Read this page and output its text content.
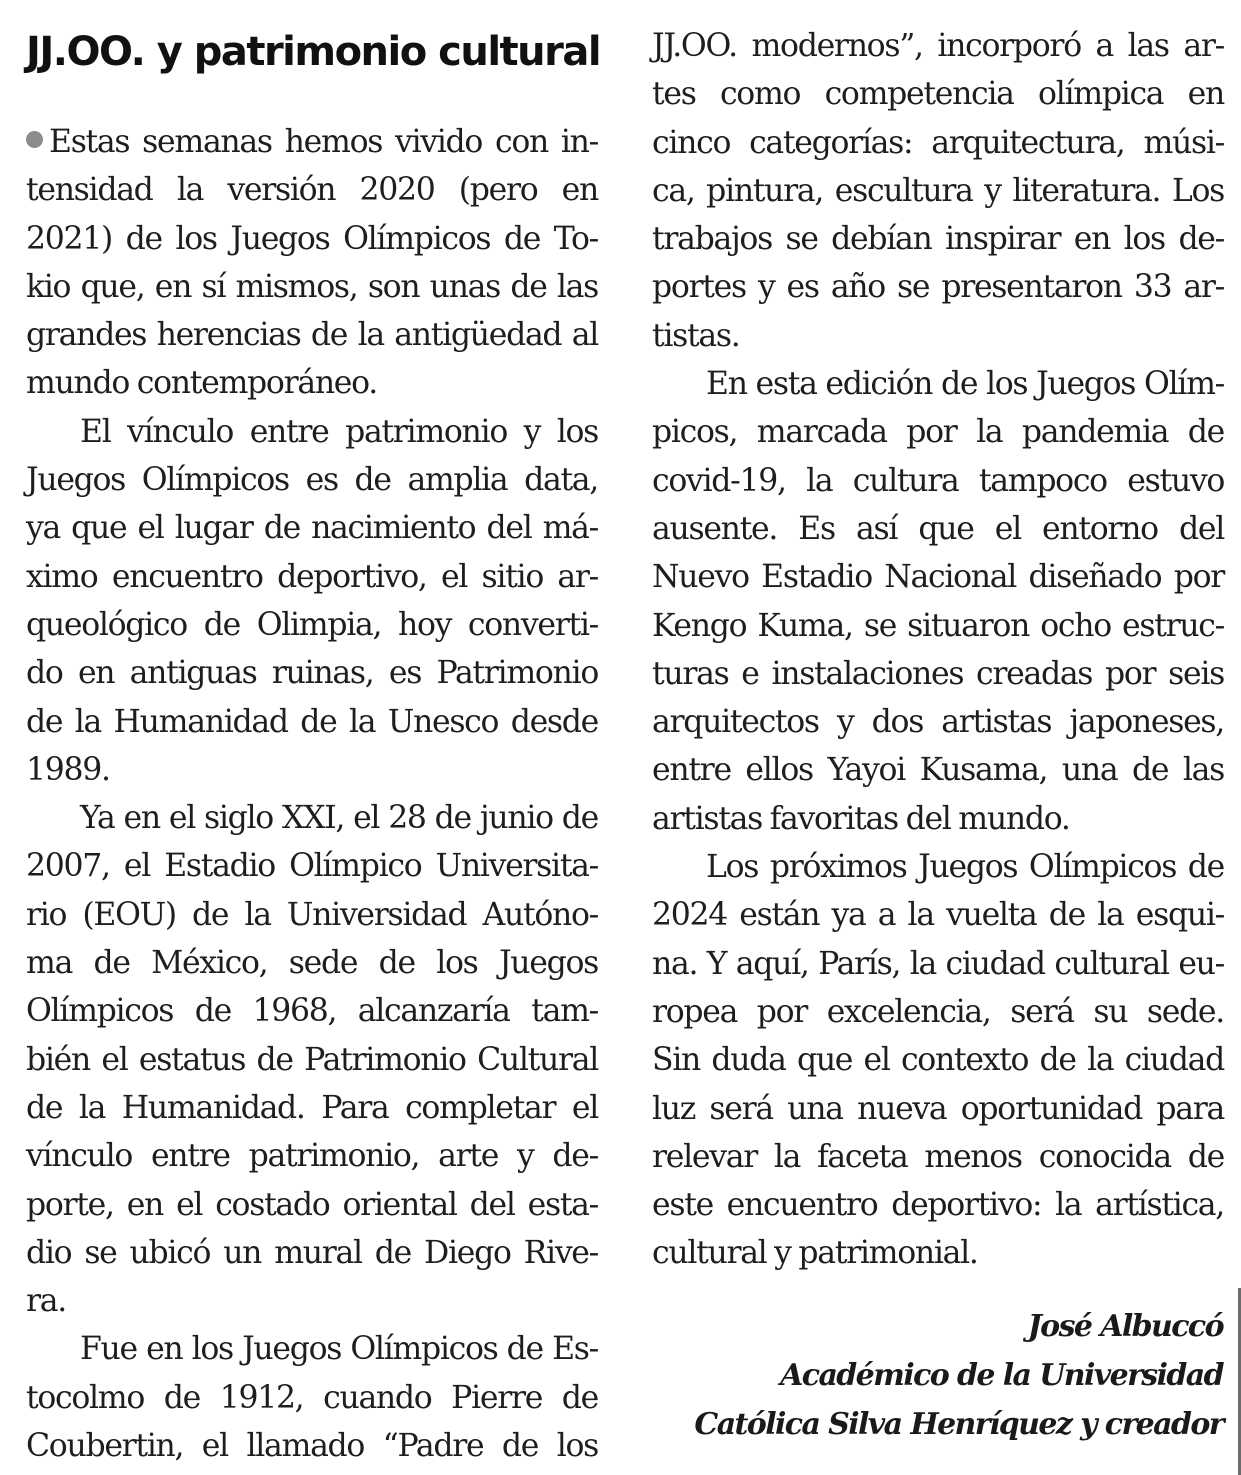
JJ.OO. y patrimonio cultural
Estas semanas hemos vivido con in-
tensidad la versión 2020 (pero en
2021) de los Juegos Olímpicos de To-
kio que, en sí mismos, son unas de las
grandes herencias de la antigüedad al
mundo contemporáneo.
El vínculo entre patrimonio y los
Juegos Olímpicos es de amplia data,
ya que el lugar de nacimiento del má-
ximo encuentro deportivo, el sitio ar-
queológico de Olimpia, hoy converti-
do en antiguas ruinas, es Patrimonio
de la Humanidad de la Unesco desde
1989.
Ya en el siglo XXI, el 28 de junio de
2007, el Estadio Olímpico Universita-
rio (EOU) de la Universidad Autóno-
ma de México, sede de los Juegos
Olímpicos de 1968, alcanzaría tam-
bién el estatus de Patrimonio Cultural
de la Humanidad. Para completar el
vínculo entre patrimonio, arte y de-
porte, en el costado oriental del esta-
dio se ubicó un mural de Diego Rive-
ra.
Fue en los Juegos Olímpicos de Es-
tocolmo de 1912, cuando Pierre de
Coubertin, el llamado “Padre de los
JJ.OO. modernos”, incorporó a las ar-
tes como competencia olímpica en
cinco categorías: arquitectura, músi-
ca, pintura, escultura y literatura. Los
trabajos se debían inspirar en los de-
portes y es año se presentaron 33 ar-
tistas.
En esta edición de los Juegos Olím-
picos, marcada por la pandemia de
covid-19, la cultura tampoco estuvo
ausente. Es así que el entorno del
Nuevo Estadio Nacional diseñado por
Kengo Kuma, se situaron ocho estruc-
turas e instalaciones creadas por seis
arquitectos y dos artistas japoneses,
entre ellos Yayoi Kusama, una de las
artistas favoritas del mundo.
Los próximos Juegos Olímpicos de
2024 están ya a la vuelta de la esqui-
na. Y aquí, París, la ciudad cultural eu-
ropea por excelencia, será su sede.
Sin duda que el contexto de la ciudad
luz será una nueva oportunidad para
relevar la faceta menos conocida de
este encuentro deportivo: la artística,
cultural y patrimonial.
José Albuccó
Académico de la Universidad
Católica Silva Henríquez y creador
